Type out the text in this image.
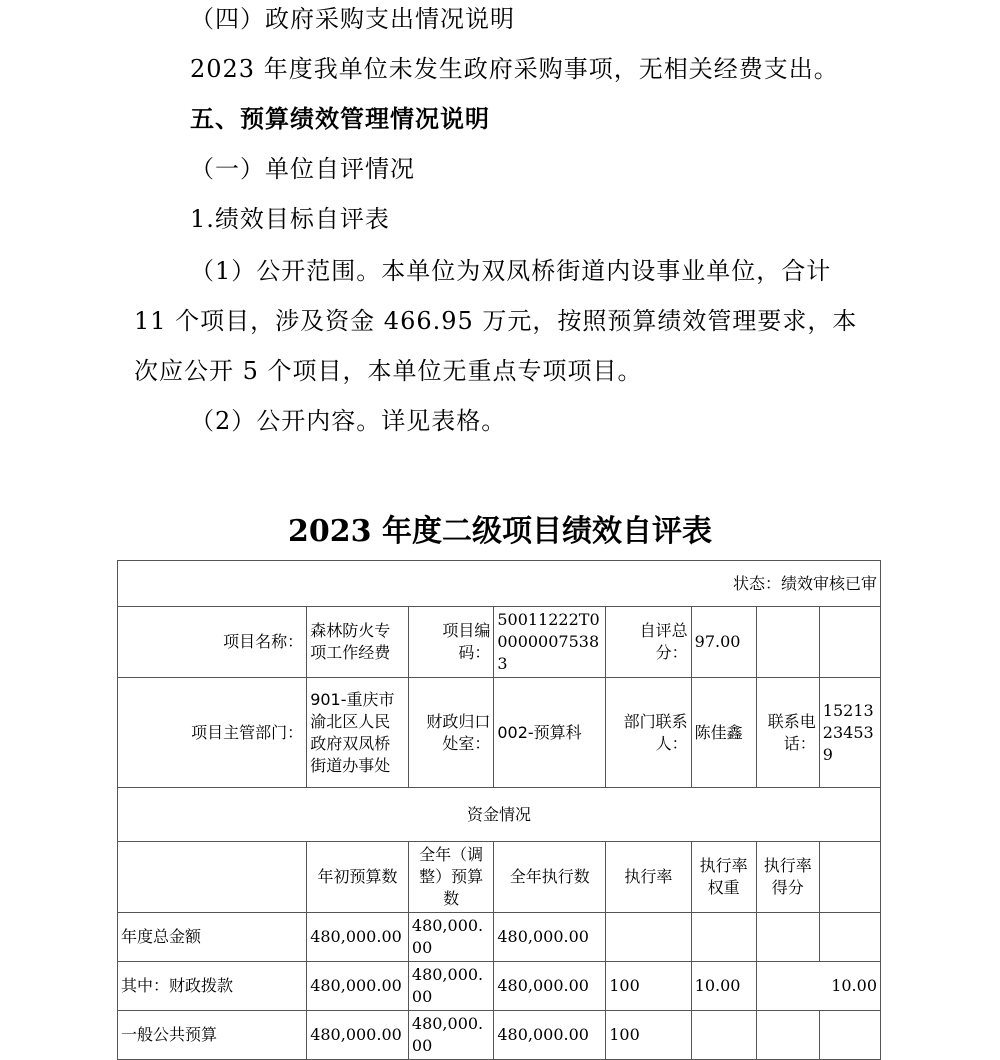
（四）政府采购支出情况说明
2023 年度我单位未发生政府采购事项，无相关经费支出。
五、预算绩效管理情况说明
（一）单位自评情况
1.绩效目标自评表
（1）公开范围。本单位为双凤桥街道内设事业单位，合计
11 个项目，涉及资金 466.95 万元，按照预算绩效管理要求，本
次应公开 5 个项目，本单位无重点专项项目。
（2）公开内容。详见表格。
2023 年度二级项目绩效自评表
状态：绩效审核已审							
项目名称：	森林防火专项工作经费	项目编码：	50011222T000000075383	自评总分：	97.00		
项目主管部门：	901-重庆市渝北区人民政府双凤桥街道办事处	财政归口处室：	002-预算科	部门联系人：	陈佳鑫	联系电话：	15213234539
资金情况							
	年初预算数	全年（调整）预算数	全年执行数	执行率	执行率权重	执行率得分	
年度总金额	480,000.00	480,000.00	480,000.00				
其中：财政拨款	480,000.00	480,000.00	480,000.00	100	10.00	10.00	
一般公共预算	480,000.00	480,000.00	480,000.00	100			
